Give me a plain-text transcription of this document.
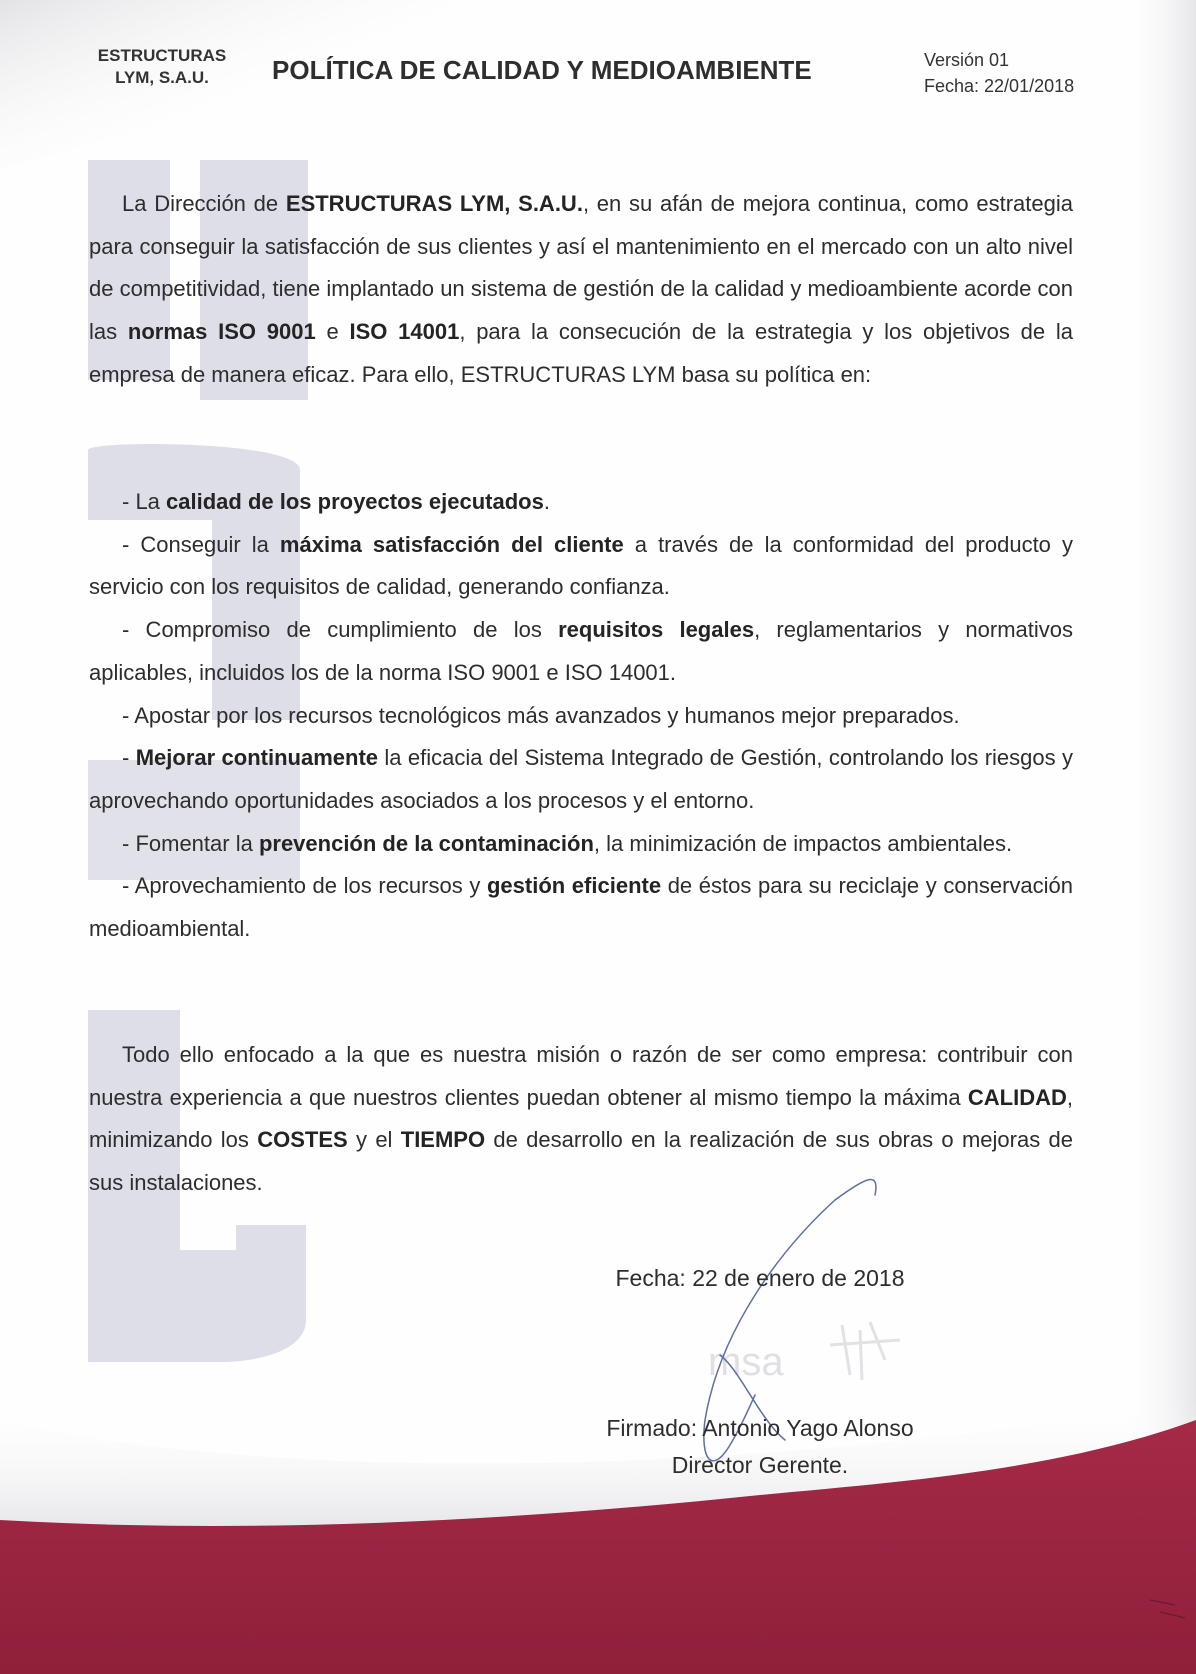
msa
ESTRUCTURAS
LYM, S.A.U.	POLÍTICA DE CALIDAD Y MEDIOAMBIENTE	Versión 01
Fecha: 22/01/2018

La Dirección de ESTRUCTURAS LYM, S.A.U., en su afán de mejora continua, como estrategia para conseguir la satisfacción de sus clientes y así el mantenimiento en el mercado con un alto nivel de competitividad, tiene implantado un sistema de gestión de la calidad y medioambiente acorde con las normas ISO 9001 e ISO 14001, para la consecución de la estrategia y los objetivos de la empresa de manera eficaz. Para ello, ESTRUCTURAS LYM basa su política en:

- La calidad de los proyectos ejecutados.
- Conseguir la máxima satisfacción del cliente a través de la conformidad del producto y servicio con los requisitos de calidad, generando confianza.
- Compromiso de cumplimiento de los requisitos legales, reglamentarios y normativos aplicables, incluidos los de la norma ISO 9001 e ISO 14001.
- Apostar por los recursos tecnológicos más avanzados y humanos mejor preparados.
- Mejorar continuamente la eficacia del Sistema Integrado de Gestión, controlando los riesgos y aprovechando oportunidades asociados a los procesos y el entorno.
- Fomentar la prevención de la contaminación, la minimización de impactos ambientales.
- Aprovechamiento de los recursos y gestión eficiente de éstos para su reciclaje y conservación medioambiental.

Todo ello enfocado a la que es nuestra misión o razón de ser como empresa: contribuir con nuestra experiencia a que nuestros clientes puedan obtener al mismo tiempo la máxima CALIDAD, minimizando los COSTES y el TIEMPO de desarrollo en la realización de sus obras o mejoras de sus instalaciones.

Fecha: 22 de enero de 2018
Firmado: Antonio Yago Alonso
Director Gerente.
